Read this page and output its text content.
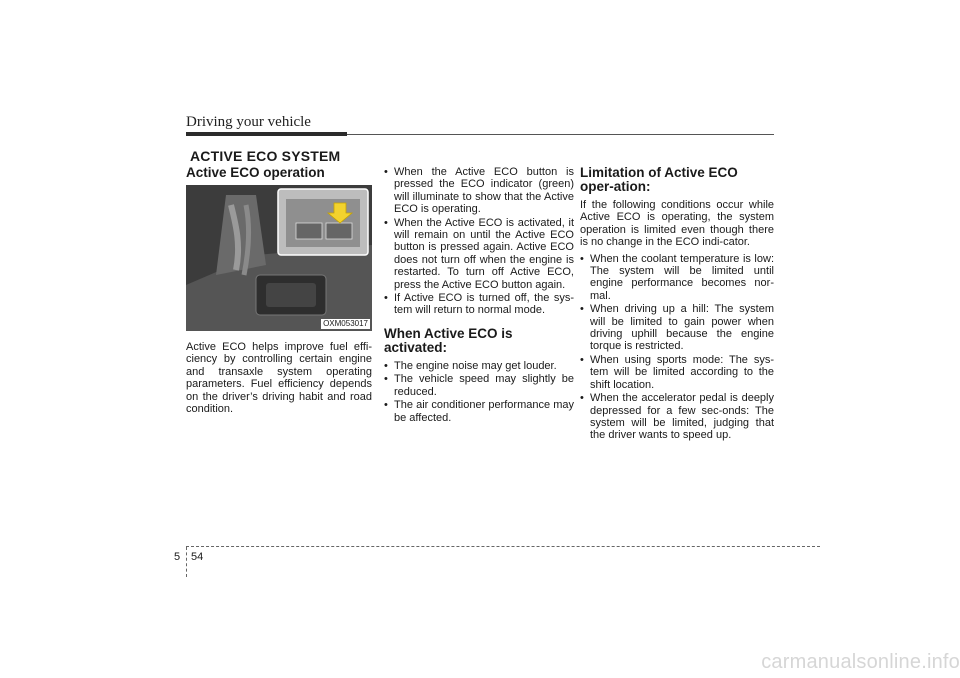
Driving your vehicle
ACTIVE ECO SYSTEM
Active ECO operation
OXM053017

Active ECO helps improve fuel effi-ciency by controlling certain engine and transaxle system operating parameters. Fuel efficiency depends on the driver’s driving habit and road condition.

• When the Active ECO button is pressed the ECO indicator (green) will illuminate to show that the Active ECO is operating.
• When the Active ECO is activated, it will remain on until the Active ECO button is pressed again. Active ECO does not turn off when the engine is restarted. To turn off Active ECO, press the Active ECO button again.
• If Active ECO is turned off, the sys-tem will return to normal mode.
When Active ECO is activated:
• The engine noise may get louder.
• The vehicle speed may slightly be reduced.
• The air conditioner performance may be affected.
Limitation of Active ECO oper-ation:

If the following conditions occur while Active ECO is operating, the system operation is limited even though there is no change in the ECO indi-cator.

• When the coolant temperature is low: The system will be limited until engine performance becomes nor-mal.
• When driving up a hill: The system will be limited to gain power when driving uphill because the engine torque is restricted.
• When using sports mode: The sys-tem will be limited according to the shift location.
• When the accelerator pedal is deeply depressed for a few sec-onds: The system will be limited, judging that the driver wants to speed up.
5 54
carmanualsonline.info
